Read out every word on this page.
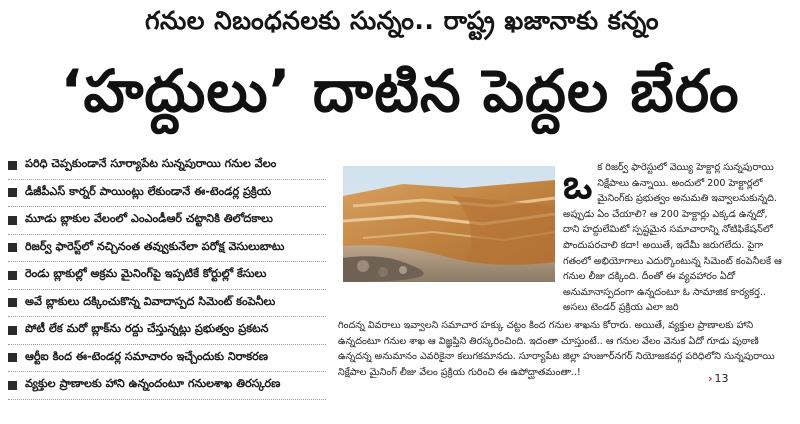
గనుల నిబంధనలకు సున్నం.. రాష్ట్ర ఖజానాకు కన్నం
‘హద్దులు’ దాటిన పెద్దల బేరం
పరిధి చెప్పకుండానే సూర్యాపేట సున్నపురాయి గనుల వేలం
డీజీపీఎస్ కార్నర్ పాయింట్లు లేకుండానే ఈ-టెండర్ల ప్రక్రియ
మూడు బ్లాకుల వేలంలో ఎంఎండీఆర్ చట్టానికి తిలోదకాలు
రిజర్వ్ ఫారెస్ట్‌లో నచ్చినంత తవ్వుకునేలా పరోక్ష వెసులుబాటు
రెండు బ్లాకుల్లో అక్రమ మైనింగ్‌పై ఇప్పటికే కోర్టుల్లో కేసులు
అవే బ్లాకులు దక్కించుకొన్న వివాదాస్పద సిమెంట్ కంపెనీలు
పోటీ లేక మరో బ్లాక్‌ను రద్దు చేస్తున్నట్లు ప్రభుత్వం ప్రకటన
ఆర్టీఐ కింద ఈ-టెండర్ల సమాచారం ఇచ్చేందుకు నిరాకరణ
వ్యక్తుల ప్రాణాలకు హాని ఉన్నందంటూ గనులశాఖ తిరస్కరణ
ఒ క రిజర్వ్ ఫారెస్టులో వెయ్యి హెక్టార్ల సున్నపురాయి నిక్షేపాలు ఉన్నాయి. అందులో 200 హెక్టార్లలో మైనింగ్‌కు ప్రభుత్వం అనుమతి ఇవ్వాలనుకున్నది. అప్పుడు ఏం చేయాలి? ఆ 200 హెక్టార్లు ఎక్కడ ఉన్నదో, దాని హద్దులేమిటో స్పష్టమైన సమాచారాన్ని నోటిఫికేషన్‌లో పొందుపరచాలి కదా! అయితే, ఇదేమీ జరుగలేదు. పైగా గతంలో అభియోగాలు ఎదుర్కొంటున్న సిమెంట్ కంపెనీలకే ఆ గనుల లీజు దక్కింది. దీంతో ఈ వ్యవహారం ఏదో అనుమానాస్పదంగా ఉన్నదంటూ ఓ సామాజిక కార్యకర్త.. అసలు టెండర్ ప్రక్రియ ఎలా జరి
గిందన్న వివరాలు ఇవ్వాలని సమాచార హక్కు చట్టం కింద గనుల శాఖను కోరారు. అయితే, వ్యక్తుల ప్రాణాలకు హాని ఉన్నదంటూ గనుల శాఖ ఆ విజ్ఞప్తిని తిరస్కరించింది. ఇదంతా చూస్తుంటే.. ఆ గనుల వేలం వెనుక ఏదో గూడు పుఠాణి ఉన్నదన్న అనుమానం ఎవరికైనా కలుగకమానదు. సూర్యాపేట జిల్లా హుజూర్‌నగర్ నియోజకవర్గ పరిధిలోని సున్నపురాయి నిక్షేపాల మైనింగ్ లీజు వేలం ప్రక్రియ గురించి ఈ ఉపోద్ఘాతమంతా..!	› 13
